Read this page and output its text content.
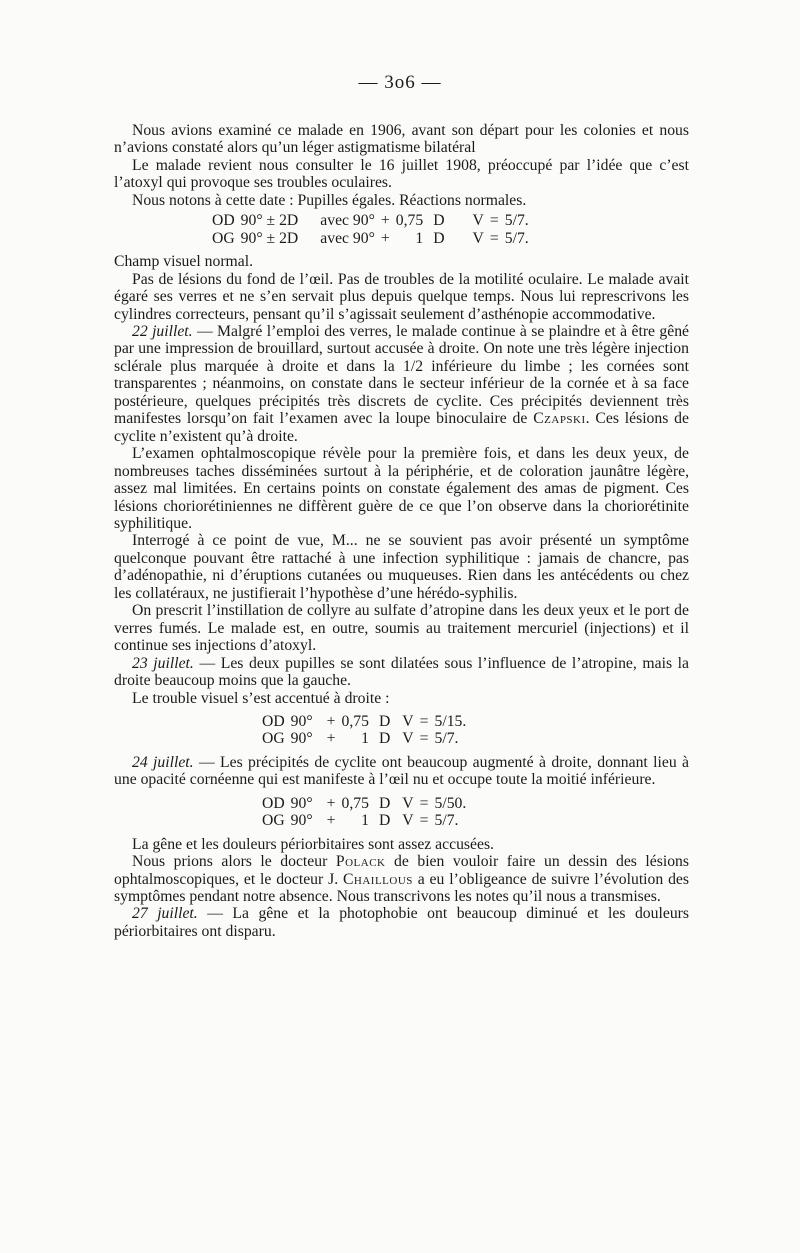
— 3o6 —

Nous avions examiné ce malade en 1906, avant son départ pour les colonies et nous n’avions constaté alors qu’un léger astigmatisme bilatéral

Le malade revient nous consulter le 16 juillet 1908, préoccupé par l’idée que c’est l’atoxyl qui provoque ses troubles oculaires.

Nous notons à cette date : Pupilles égales. Réactions normales.

OD	90° ± 2D	avec 90°	+	0,75	D	V	=	5/7.
OG	90° ± 2D	avec 90°	+	1	D	V	=	5/7.

Champ visuel normal.

Pas de lésions du fond de l’œil. Pas de troubles de la motilité oculaire. Le malade avait égaré ses verres et ne s’en servait plus depuis quelque temps. Nous lui represcrivons les cylindres correcteurs, pensant qu’il s’agissait seulement d’asthénopie accommodative.

22 juillet. — Malgré l’emploi des verres, le malade continue à se plaindre et à être gêné par une impression de brouillard, surtout accusée à droite. On note une très légère injection sclérale plus marquée à droite et dans la 1/2 inférieure du limbe ; les cornées sont transparentes ; néanmoins, on constate dans le secteur inférieur de la cornée et à sa face postérieure, quelques précipités très discrets de cyclite. Ces précipités deviennent très manifestes lorsqu’on fait l’examen avec la loupe binoculaire de Czapski. Ces lésions de cyclite n’existent qu’à droite.

L’examen ophtalmoscopique révèle pour la première fois, et dans les deux yeux, de nombreuses taches disséminées surtout à la périphérie, et de coloration jaunâtre légère, assez mal limitées. En certains points on constate également des amas de pigment. Ces lésions choriorétiniennes ne diffèrent guère de ce que l’on observe dans la choriorétinite syphilitique.

Interrogé à ce point de vue, M... ne se souvient pas avoir présenté un symptôme quelconque pouvant être rattaché à une infection syphilitique : jamais de chancre, pas d’adénopathie, ni d’éruptions cutanées ou muqueuses. Rien dans les antécédents ou chez les collatéraux, ne justifierait l’hypothèse d’une hérédo-syphilis.

On prescrit l’instillation de collyre au sulfate d’atropine dans les deux yeux et le port de verres fumés. Le malade est, en outre, soumis au traitement mercuriel (injections) et il continue ses injections d’atoxyl.

23 juillet. — Les deux pupilles se sont dilatées sous l’influence de l’atropine, mais la droite beaucoup moins que la gauche.

Le trouble visuel s’est accentué à droite :

OD	90°	+	0,75	D	V	=	5/15.
OG	90°	+	1	D	V	=	5/7.

24 juillet. — Les précipités de cyclite ont beaucoup augmenté à droite, donnant lieu à une opacité cornéenne qui est manifeste à l’œil nu et occupe toute la moitié inférieure.

OD	90°	+	0,75	D	V	=	5/50.
OG	90°	+	1	D	V	=	5/7.

La gêne et les douleurs périorbitaires sont assez accusées.

Nous prions alors le docteur Polack de bien vouloir faire un dessin des lésions ophtalmoscopiques, et le docteur J. Chaillous a eu l’obligeance de suivre l’évolution des symptômes pendant notre absence. Nous transcrivons les notes qu’il nous a transmises.

27 juillet. — La gêne et la photophobie ont beaucoup diminué et les douleurs périorbitaires ont disparu.
